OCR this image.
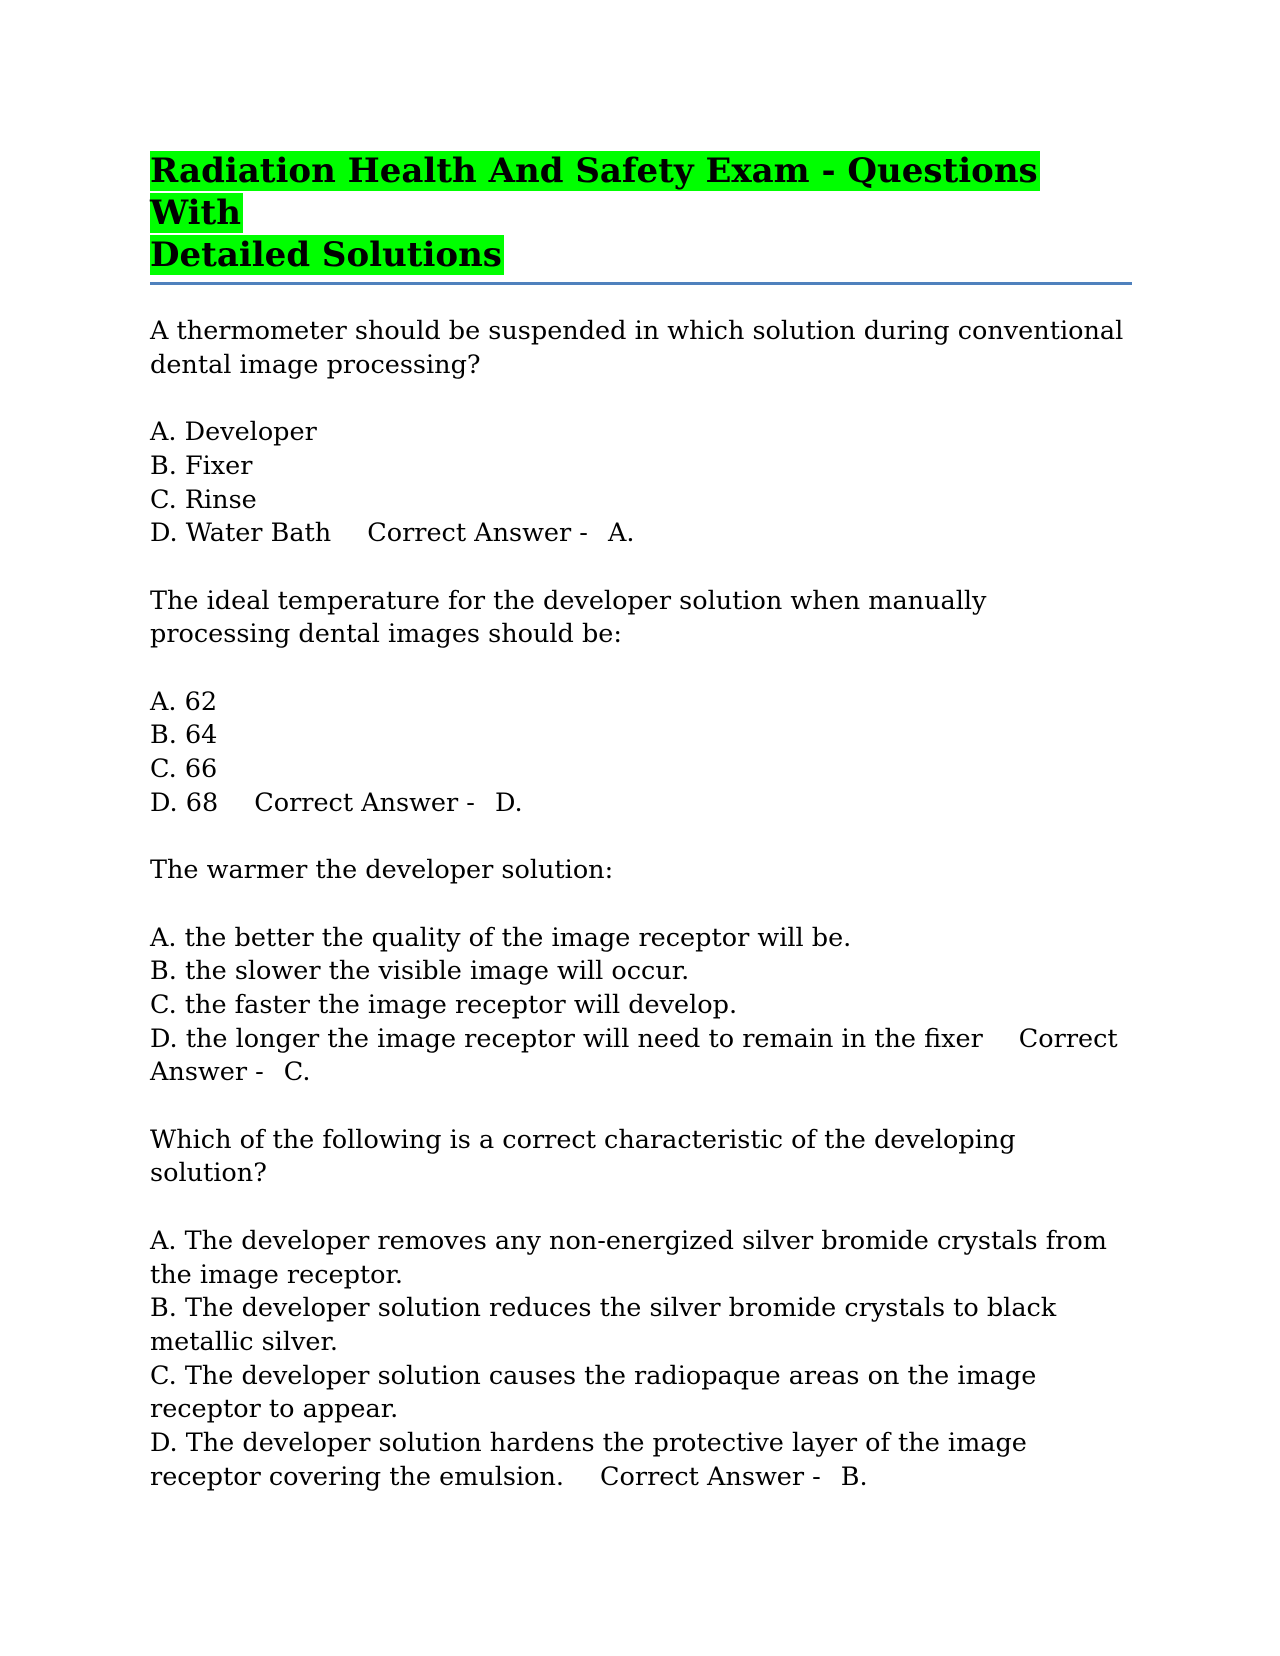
Radiation Health And Safety Exam - Questions With
Detailed Solutions

A thermometer should be suspended in which solution during conventional dental image processing?

A. Developer
B. Fixer
C. Rinse
D. Water Bath Correct Answer - A.

The ideal temperature for the developer solution when manually processing dental images should be:

A. 62
B. 64
C. 66
D. 68 Correct Answer - D.

The warmer the developer solution:

A. the better the quality of the image receptor will be.
B. the slower the visible image will occur.
C. the faster the image receptor will develop.
D. the longer the image receptor will need to remain in the fixer Correct Answer - C.

Which of the following is a correct characteristic of the developing solution?

A. The developer removes any non-energized silver bromide crystals from the image receptor.
B. The developer solution reduces the silver bromide crystals to black metallic silver.
C. The developer solution causes the radiopaque areas on the image receptor to appear.
D. The developer solution hardens the protective layer of the image receptor covering the emulsion. Correct Answer - B.
